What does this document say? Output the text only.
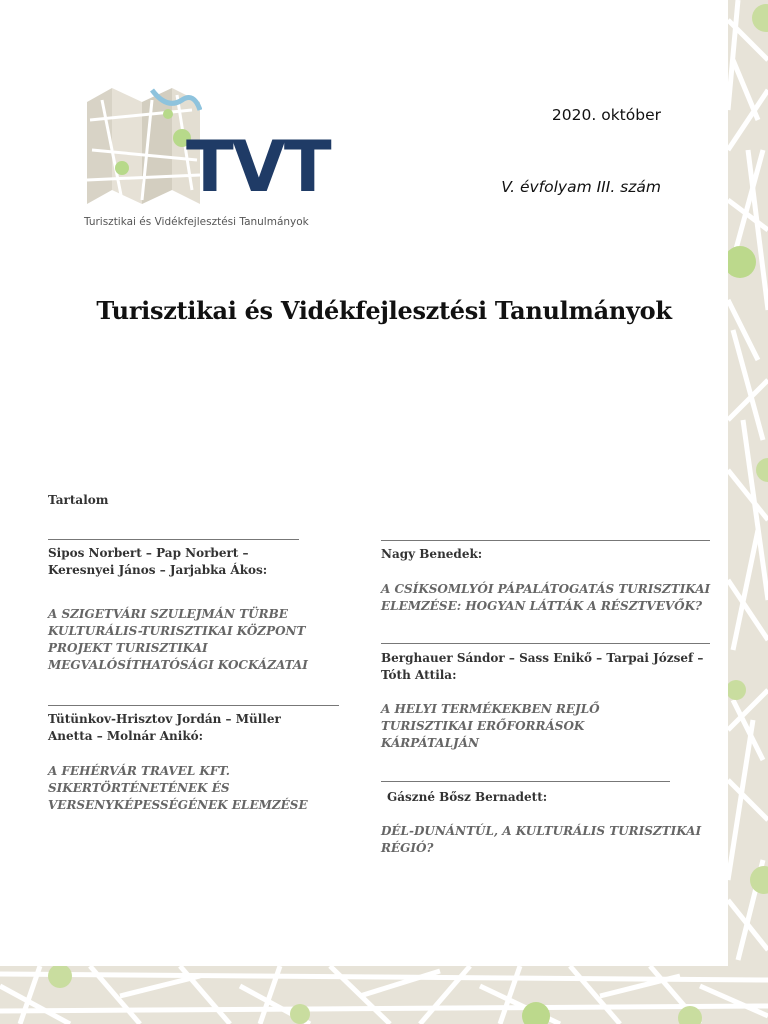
TVT
Turisztikai és Vidékfejlesztési Tanulmányok
2020. október
V. évfolyam III. szám
Turisztikai és Vidékfejlesztési Tanulmányok
Tartalom
Sipos Norbert – Pap Norbert – Keresnyei János – Jarjabka Ákos:
A SZIGETVÁRI SZULEJMÁN TÜRBE KULTURÁLIS-TURISZTIKAI KÖZPONT PROJEKT TURISZTIKAI MEGVALÓSÍTHATÓSÁGI KOCKÁZATAI
Tütünkov-Hrisztov Jordán – Müller Anetta – Molnár Anikó:
A FEHÉRVÁR TRAVEL KFT. SIKERTÖRTÉNETÉNEK ÉS VERSENYKÉPESSÉGÉNEK ELEMZÉSE
Nagy Benedek:
A CSÍKSOMLYÓI PÁPALÁTOGATÁS TURISZTIKAI ELEMZÉSE: HOGYAN LÁTTÁK A RÉSZTVEVŐK?
Berghauer Sándor – Sass Enikő – Tarpai József – Tóth Attila:
A HELYI TERMÉKEKBEN REJLŐ TURISZTIKAI ERŐFORRÁSOK KÁRPÁTALJÁN
Gászné Bősz Bernadett:
DÉL-DUNÁNTÚL, A KULTURÁLIS TURISZTIKAI RÉGIÓ?
